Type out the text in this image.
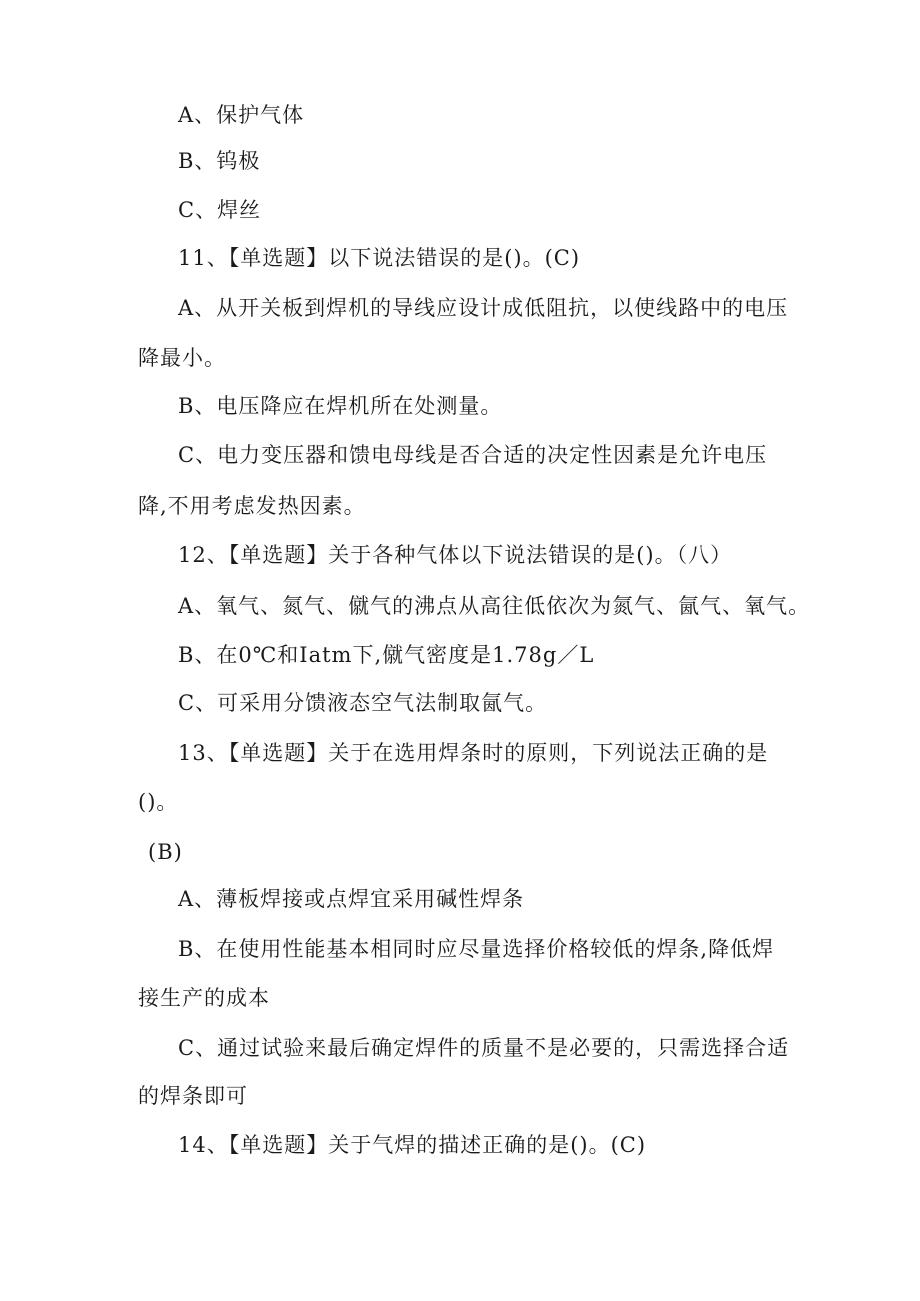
A、保护气体
B、钨极
C、焊丝
11、【单选题】以下说法错误的是()。(C)
A、从开关板到焊机的导线应设计成低阻抗，以使线路中的电压
降最小。
B、电压降应在焊机所在处测量。
C、电力变压器和馈电母线是否合适的决定性因素是允许电压
降,不用考虑发热因素。
12、【单选题】关于各种气体以下说法错误的是()。（八）
A、氧气、氮气、僦气的沸点从高往低依次为氮气、氤气、氧气。
B、在0℃和Iatm下,僦气密度是1.78g／L
C、可采用分馈液态空气法制取氤气。
13、【单选题】关于在选用焊条时的原则，下列说法正确的是
()。
(B)
A、薄板焊接或点焊宜采用碱性焊条
B、在使用性能基本相同时应尽量选择价格较低的焊条,降低焊
接生产的成本
C、通过试验来最后确定焊件的质量不是必要的，只需选择合适
的焊条即可
14、【单选题】关于气焊的描述正确的是()。(C)
